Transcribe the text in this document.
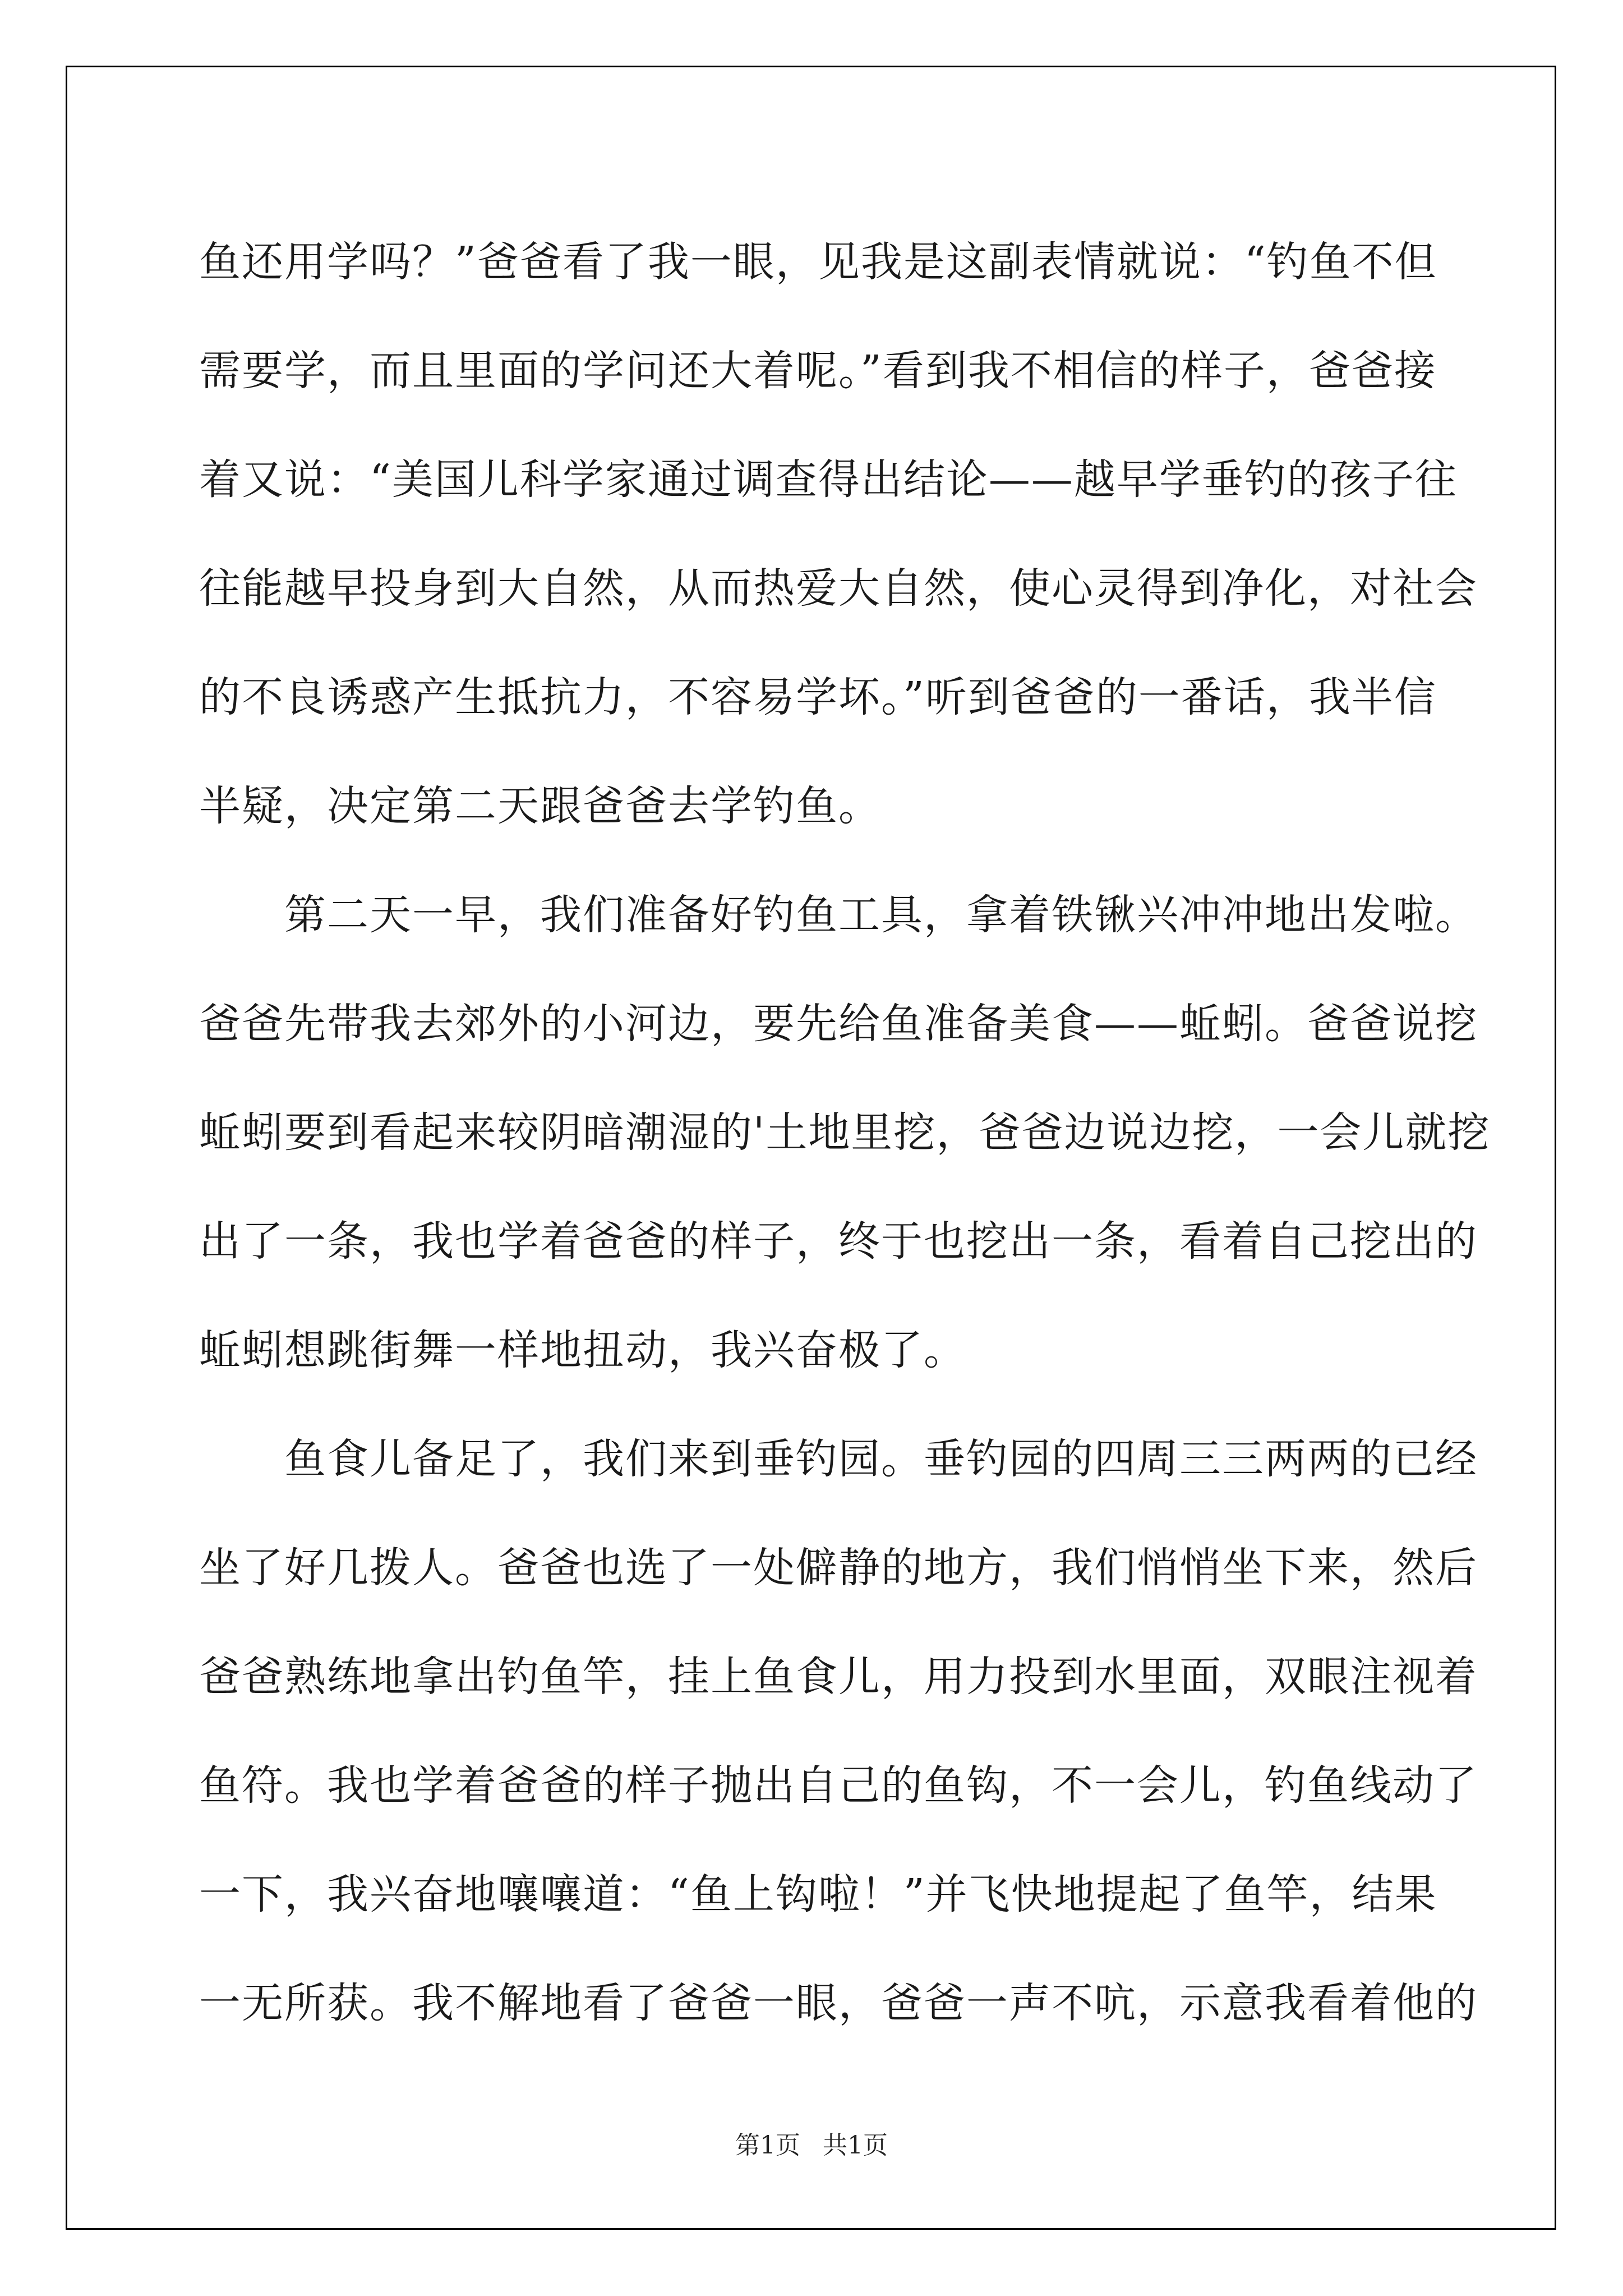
鱼还用学吗？”爸爸看了我一眼，见我是这副表情就说：“钓鱼不但
需要学，而且里面的学问还大着呢。”看到我不相信的样子，爸爸接
着又说：“美国儿科学家通过调查得出结论——越早学垂钓的孩子往
往能越早投身到大自然，从而热爱大自然，使心灵得到净化，对社会
的不良诱惑产生抵抗力，不容易学坏。”听到爸爸的一番话，我半信
半疑，决定第二天跟爸爸去学钓鱼。
　　第二天一早，我们准备好钓鱼工具，拿着铁锹兴冲冲地出发啦。
爸爸先带我去郊外的小河边，要先给鱼准备美食——蚯蚓。爸爸说挖
蚯蚓要到看起来较阴暗潮湿的'土地里挖，爸爸边说边挖，一会儿就挖
出了一条，我也学着爸爸的样子，终于也挖出一条，看着自己挖出的
蚯蚓想跳街舞一样地扭动，我兴奋极了。
　　鱼食儿备足了，我们来到垂钓园。垂钓园的四周三三两两的已经
坐了好几拨人。爸爸也选了一处僻静的地方，我们悄悄坐下来，然后
爸爸熟练地拿出钓鱼竿，挂上鱼食儿，用力投到水里面，双眼注视着
鱼符。我也学着爸爸的样子抛出自己的鱼钩，不一会儿，钓鱼线动了
一下，我兴奋地嚷嚷道：“鱼上钩啦！”并飞快地提起了鱼竿，结果
一无所获。我不解地看了爸爸一眼，爸爸一声不吭，示意我看着他的
第1页 共1页
